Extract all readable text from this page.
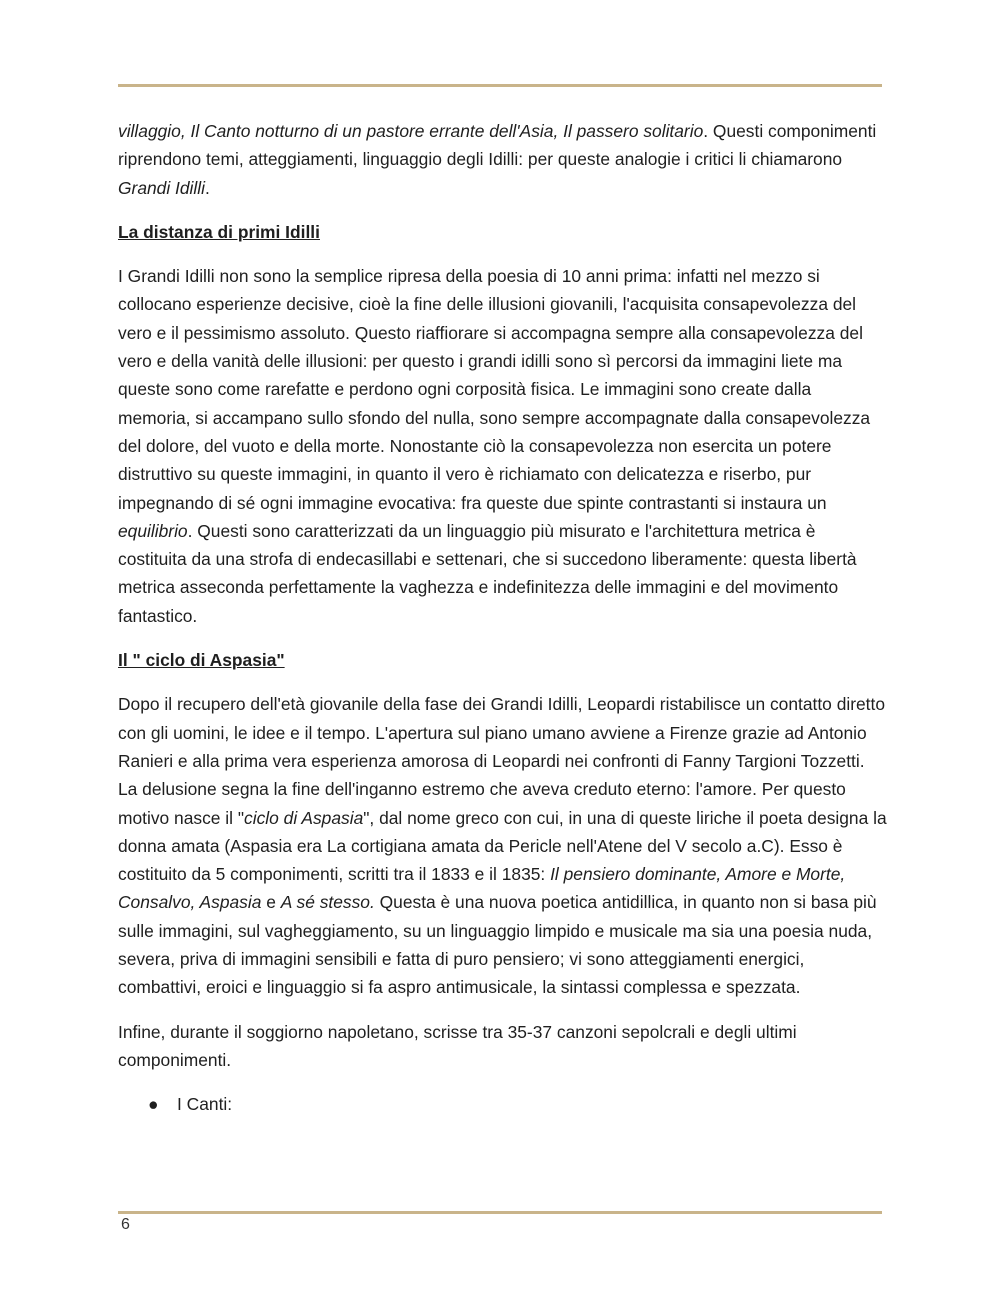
villaggio, Il Canto notturno di un pastore errante dell'Asia, Il passero solitario. Questi componimenti riprendono temi, atteggiamenti, linguaggio degli Idilli: per queste analogie i critici li chiamarono Grandi Idilli.

La distanza di primi Idilli

I Grandi Idilli non sono la semplice ripresa della poesia di 10 anni prima: infatti nel mezzo si collocano esperienze decisive, cioè la fine delle illusioni giovanili, l'acquisita consapevolezza del vero e il pessimismo assoluto. Questo riaffiorare si accompagna sempre alla consapevolezza del vero e della vanità delle illusioni: per questo i grandi idilli sono sì percorsi da immagini liete ma queste sono come rarefatte e perdono ogni corposità fisica. Le immagini sono create dalla memoria, si accampano sullo sfondo del nulla, sono sempre accompagnate dalla consapevolezza del dolore, del vuoto e della morte. Nonostante ciò la consapevolezza non esercita un potere distruttivo su queste immagini, in quanto il vero è richiamato con delicatezza e riserbo, pur impegnando di sé ogni immagine evocativa: fra queste due spinte contrastanti si instaura un equilibrio. Questi sono caratterizzati da un linguaggio più misurato e l'architettura metrica è costituita da una strofa di endecasillabi e settenari, che si succedono liberamente: questa libertà metrica asseconda perfettamente la vaghezza e indefinitezza delle immagini e del movimento fantastico.

Il " ciclo di Aspasia"

Dopo il recupero dell'età giovanile della fase dei Grandi Idilli, Leopardi ristabilisce un contatto diretto con gli uomini, le idee e il tempo. L'apertura sul piano umano avviene a Firenze grazie ad Antonio Ranieri e alla prima vera esperienza amorosa di Leopardi nei confronti di Fanny Targioni Tozzetti. La delusione segna la fine dell'inganno estremo che aveva creduto eterno: l'amore. Per questo motivo nasce il "ciclo di Aspasia", dal nome greco con cui, in una di queste liriche il poeta designa la donna amata (Aspasia era La cortigiana amata da Pericle nell'Atene del V secolo a.C). Esso è costituito da 5 componimenti, scritti tra il 1833 e il 1835: Il pensiero dominante, Amore e Morte, Consalvo, Aspasia e A sé stesso. Questa è una nuova poetica antidillica, in quanto non si basa più sulle immagini, sul vagheggiamento, su un linguaggio limpido e musicale ma sia una poesia nuda, severa, priva di immagini sensibili e fatta di puro pensiero; vi sono atteggiamenti energici, combattivi, eroici e linguaggio si fa aspro antimusicale, la sintassi complessa e spezzata.

Infine, durante il soggiorno napoletano, scrisse tra 35-37 canzoni sepolcrali e degli ultimi componimenti.

● I Canti:
6
